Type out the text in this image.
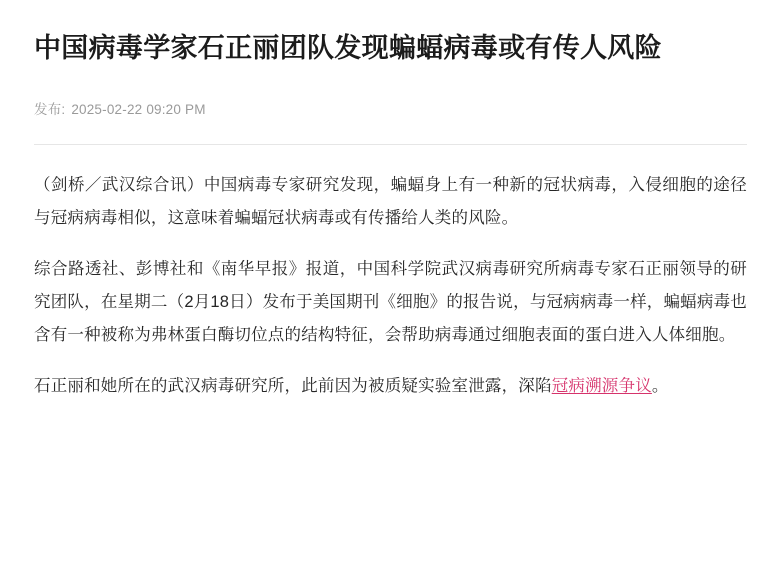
中国病毒学家石正丽团队发现蝙蝠病毒或有传人风险
发布: 2025-02-22 09:20 PM

（剑桥／武汉综合讯）中国病毒专家研究发现，蝙蝠身上有一种新的冠状病毒，入侵细胞的途径与冠病病毒相似，这意味着蝙蝠冠状病毒或有传播给人类的风险。

综合路透社、彭博社和《南华早报》报道，中国科学院武汉病毒研究所病毒专家石正丽领导的研究团队，在星期二（2月18日）发布于美国期刊《细胞》的报告说，与冠病病毒一样，蝙蝠病毒也含有一种被称为弗林蛋白酶切位点的结构特征，会帮助病毒通过细胞表面的蛋白进入人体细胞。

石正丽和她所在的武汉病毒研究所，此前因为被质疑实验室泄露，深陷冠病溯源争议。
